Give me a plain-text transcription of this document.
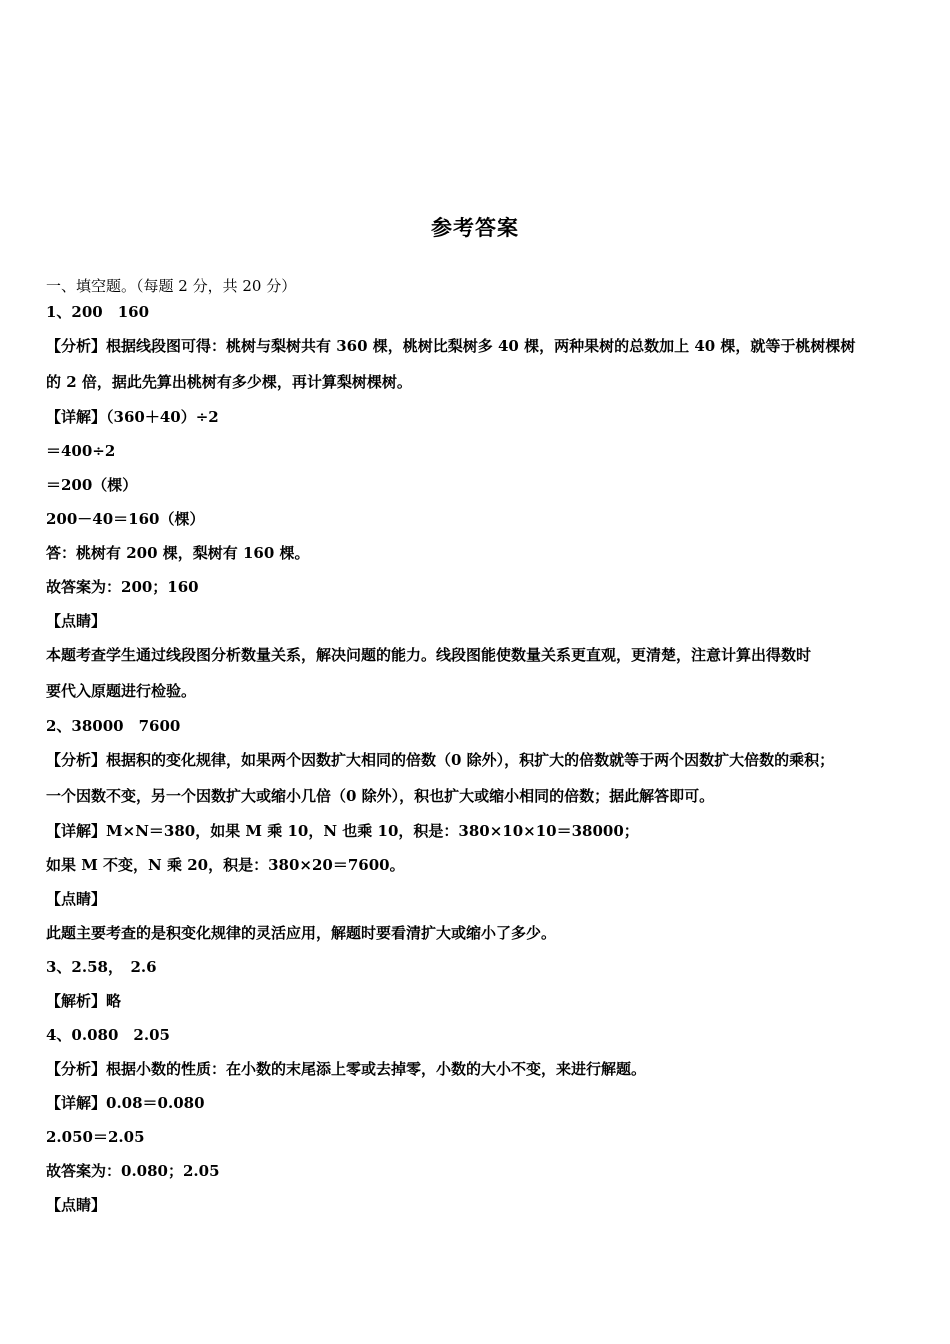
参考答案
一、填空题。（每题 2 分，共 20 分）
1、200　160
【分析】根据线段图可得：桃树与梨树共有 360 棵，桃树比梨树多 40 棵，两种果树的总数加上 40 棵，就等于桃树棵树
的 2 倍，据此先算出桃树有多少棵，再计算梨树棵树。
【详解】（360＋40）÷2
＝400÷2
＝200（棵）
200－40＝160（棵）
答：桃树有 200 棵，梨树有 160 棵。
故答案为：200；160
【点睛】
本题考查学生通过线段图分析数量关系，解决问题的能力。线段图能使数量关系更直观，更清楚，注意计算出得数时
要代入原题进行检验。
2、38000　7600
【分析】根据积的变化规律，如果两个因数扩大相同的倍数（0 除外），积扩大的倍数就等于两个因数扩大倍数的乘积；
一个因数不变，另一个因数扩大或缩小几倍（0 除外），积也扩大或缩小相同的倍数；据此解答即可。
【详解】M×N＝380，如果 M 乘 10，N 也乘 10，积是：380×10×10＝38000；
如果 M 不变，N 乘 20，积是：380×20＝7600。
【点睛】
此题主要考查的是积变化规律的灵活应用，解题时要看清扩大或缩小了多少。
3、2.58，　2.6
【解析】略
4、0.080　2.05
【分析】根据小数的性质：在小数的末尾添上零或去掉零，小数的大小不变，来进行解题。
【详解】0.08＝0.080
2.050＝2.05
故答案为：0.080；2.05
【点睛】
